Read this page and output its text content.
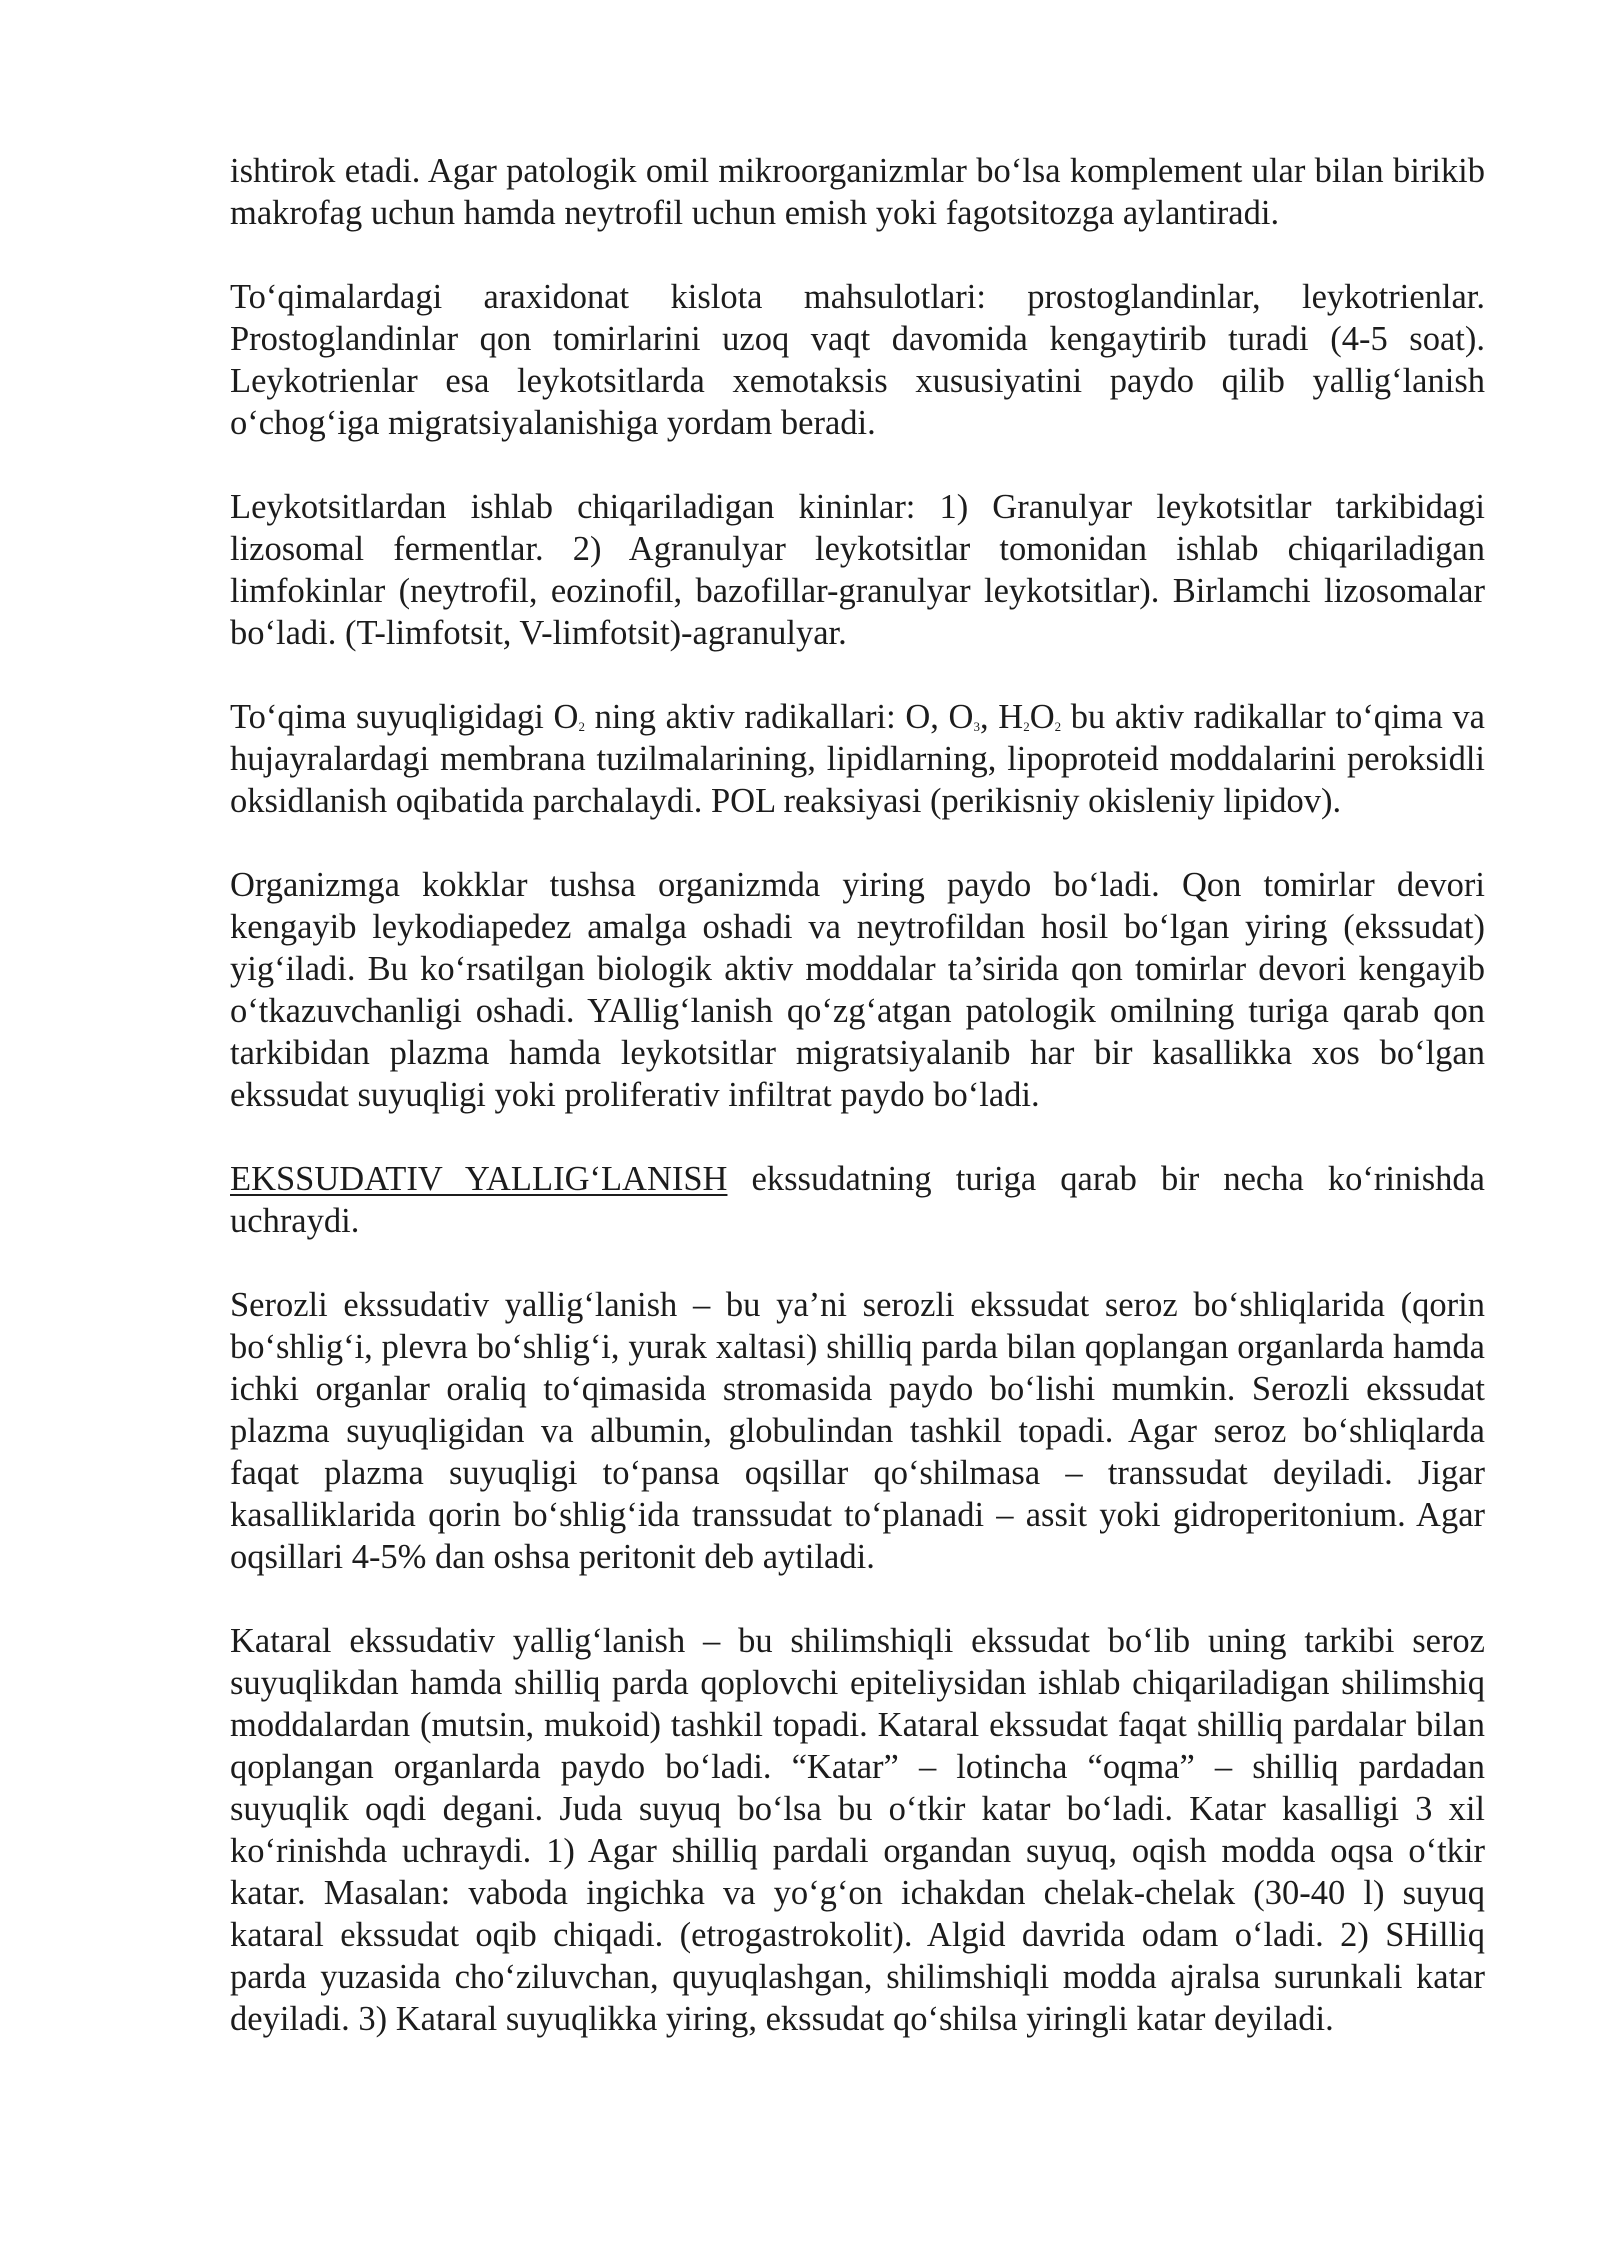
ishtirok etadi. Agar patologik omil mikroorganizmlar bo‘lsa komplement ular bilan birikib makrofag uchun hamda neytrofil uchun emish yoki fagotsitozga aylantiradi.

To‘qimalardagi araxidonat kislota mahsulotlari: prostoglandinlar, leykotrienlar. Prostoglandinlar qon tomirlarini uzoq vaqt davomida kengaytirib turadi (4-5 soat). Leykotrienlar esa leykotsitlarda xemotaksis xususiyatini paydo qilib yallig‘lanish o‘chog‘iga migratsiyalanishiga yordam beradi.

Leykotsitlardan ishlab chiqariladigan kininlar: 1) Granulyar leykotsitlar tarkibidagi lizosomal fermentlar. 2) Agranulyar leykotsitlar tomonidan ishlab chiqariladigan limfokinlar (neytrofil, eozinofil, bazofillar-granulyar leykotsitlar). Birlamchi lizosomalar bo‘ladi. (T-limfotsit, V-limfotsit)-agranulyar.

To‘qima suyuqligidagi $O_2$ ning aktiv radikallari: O, $O_3$, $H_2O_2$ bu aktiv radikallar to‘qima va hujayralardagi membrana tuzilmalarining, lipidlarning, lipoproteid moddalarini peroksidli oksidlanish oqibatida parchalaydi. POL reaksiyasi (perikisniy okisleniy lipidov).

Organizmga kokklar tushsa organizmda yiring paydo bo‘ladi. Qon tomirlar devori kengayib leykodiapedez amalga oshadi va neytrofildan hosil bo‘lgan yiring (ekssudat) yig‘iladi. Bu ko‘rsatilgan biologik aktiv moddalar ta’sirida qon tomirlar devori kengayib o‘tkazuvchanligi oshadi. YAllig‘lanish qo‘zg‘atgan patologik omilning turiga qarab qon tarkibidan plazma hamda leykotsitlar migratsiyalanib har bir kasallikka xos bo‘lgan ekssudat suyuqligi yoki proliferativ infiltrat paydo bo‘ladi.

EKSSUDATIV YALLIG‘LANISH ekssudatning turiga qarab bir necha ko‘rinishda uchraydi.

Serozli ekssudativ yallig‘lanish – bu ya’ni serozli ekssudat seroz bo‘shliqlarida (qorin bo‘shlig‘i, plevra bo‘shlig‘i, yurak xaltasi) shilliq parda bilan qoplangan organlarda hamda ichki organlar oraliq to‘qimasida stromasida paydo bo‘lishi mumkin. Serozli ekssudat plazma suyuqligidan va albumin, globulindan tashkil topadi. Agar seroz bo‘shliqlarda faqat plazma suyuqligi to‘pansa oqsillar qo‘shilmasa – transsudat deyiladi. Jigar kasalliklarida qorin bo‘shlig‘ida transsudat to‘planadi – assit yoki gidroperitonium. Agar oqsillari 4-5% dan oshsa peritonit deb aytiladi.

Kataral ekssudativ yallig‘lanish – bu shilimshiqli ekssudat bo‘lib uning tarkibi seroz suyuqlikdan hamda shilliq parda qoplovchi epiteliysidan ishlab chiqariladigan shilimshiq moddalardan (mutsin, mukoid) tashkil topadi. Kataral ekssudat faqat shilliq pardalar bilan qoplangan organlarda paydo bo‘ladi. “Katar” – lotincha “oqma” – shilliq pardadan suyuqlik oqdi degani. Juda suyuq bo‘lsa bu o‘tkir katar bo‘ladi. Katar kasalligi 3 xil ko‘rinishda uchraydi. 1) Agar shilliq pardali organdan suyuq, oqish modda oqsa o‘tkir katar. Masalan: vaboda ingichka va yo‘g‘on ichakdan chelak-chelak (30-40 l) suyuq kataral ekssudat oqib chiqadi. (etrogastrokolit). Algid davrida odam o‘ladi. 2) SHilliq parda yuzasida cho‘ziluvchan, quyuqlashgan, shilimshiqli modda ajralsa surunkali katar deyiladi. 3) Kataral suyuqlikka yiring, ekssudat qo‘shilsa yiringli katar deyiladi.
